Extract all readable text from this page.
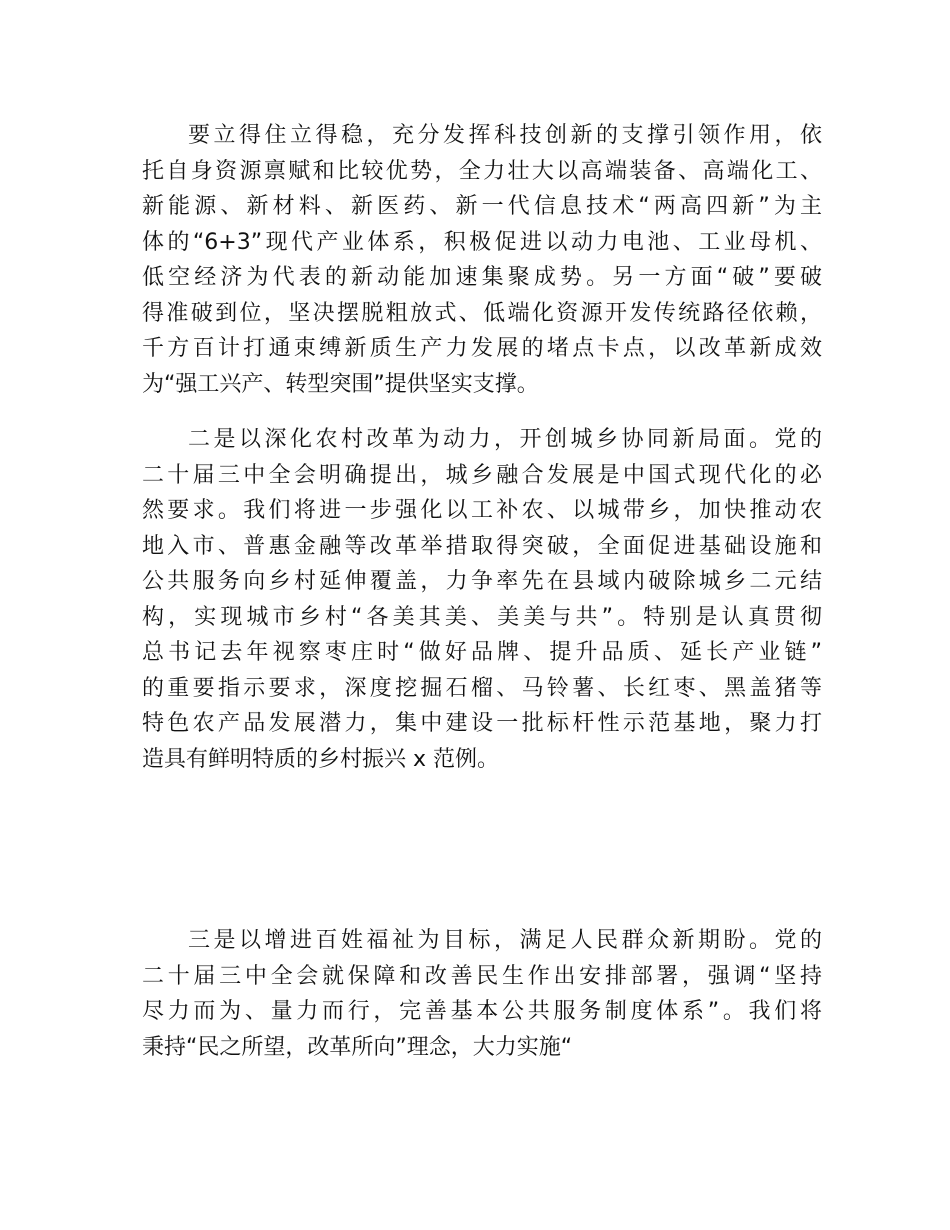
要立得住立得稳，充分发挥科技创新的支撑引领作用，依
托自身资源禀赋和比较优势，全力壮大以高端装备、高端化工、
新能源、新材料、新医药、新一代信息技术“两高四新”为主
体的“6+3”现代产业体系，积极促进以动力电池、工业母机、
低空经济为代表的新动能加速集聚成势。另一方面“破”要破
得准破到位，坚决摆脱粗放式、低端化资源开发传统路径依赖，
千方百计打通束缚新质生产力发展的堵点卡点，以改革新成效
为“强工兴产、转型突围”提供坚实支撑。
二是以深化农村改革为动力，开创城乡协同新局面。党的
二十届三中全会明确提出，城乡融合发展是中国式现代化的必
然要求。我们将进一步强化以工补农、以城带乡，加快推动农
地入市、普惠金融等改革举措取得突破，全面促进基础设施和
公共服务向乡村延伸覆盖，力争率先在县域内破除城乡二元结
构，实现城市乡村“各美其美、美美与共”。特别是认真贯彻
总书记去年视察枣庄时“做好品牌、提升品质、延长产业链”
的重要指示要求，深度挖掘石榴、马铃薯、长红枣、黑盖猪等
特色农产品发展潜力，集中建设一批标杆性示范基地，聚力打
造具有鲜明特质的乡村振兴 x 范例。
三是以增进百姓福祉为目标，满足人民群众新期盼。党的
二十届三中全会就保障和改善民生作出安排部署，强调“坚持
尽力而为、量力而行，完善基本公共服务制度体系”。我们将
秉持“民之所望，改革所向”理念，大力实施“
